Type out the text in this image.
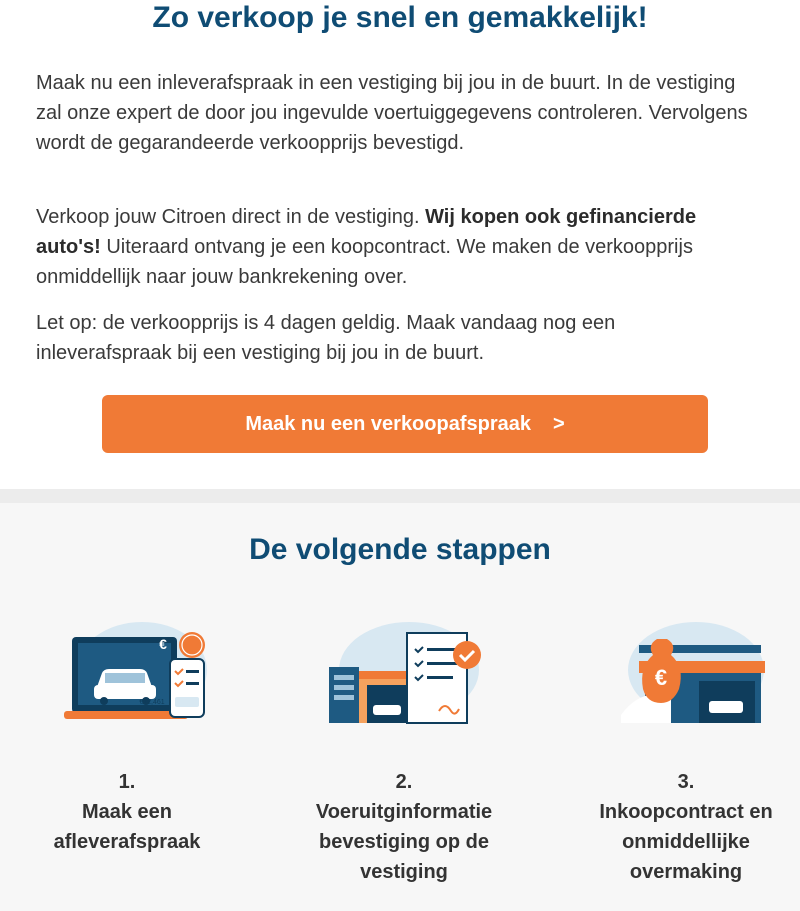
Zo verkoop je snel en gemakkelijk!

Maak nu een inleverafspraak in een vestiging bij jou in de buurt. In de vestiging zal onze expert de door jou ingevulde voertuiggegevens controleren. Vervolgens wordt de gegarandeerde verkoopprijs bevestigd.

Verkoop jouw Citroen direct in de vestiging. Wij kopen ook gefinancierde auto's! Uiteraard ontvang je een koopcontract. We maken de verkoopprijs onmiddellijk naar jouw bankrekening over.

Let op: de verkoopprijs is 4 dagen geldig. Maak vandaag nog een inleverafspraak bij een vestiging bij jou in de buurt.

Maak nu een verkoopafspraak >
De volgende stappen
1.
Maak een
afleverafspraak
2.
Voeruitginformatie
bevestiging op de
vestiging
€
3.
Inkoopcontract en
onmiddellijke
overmaking
€
€12,461
